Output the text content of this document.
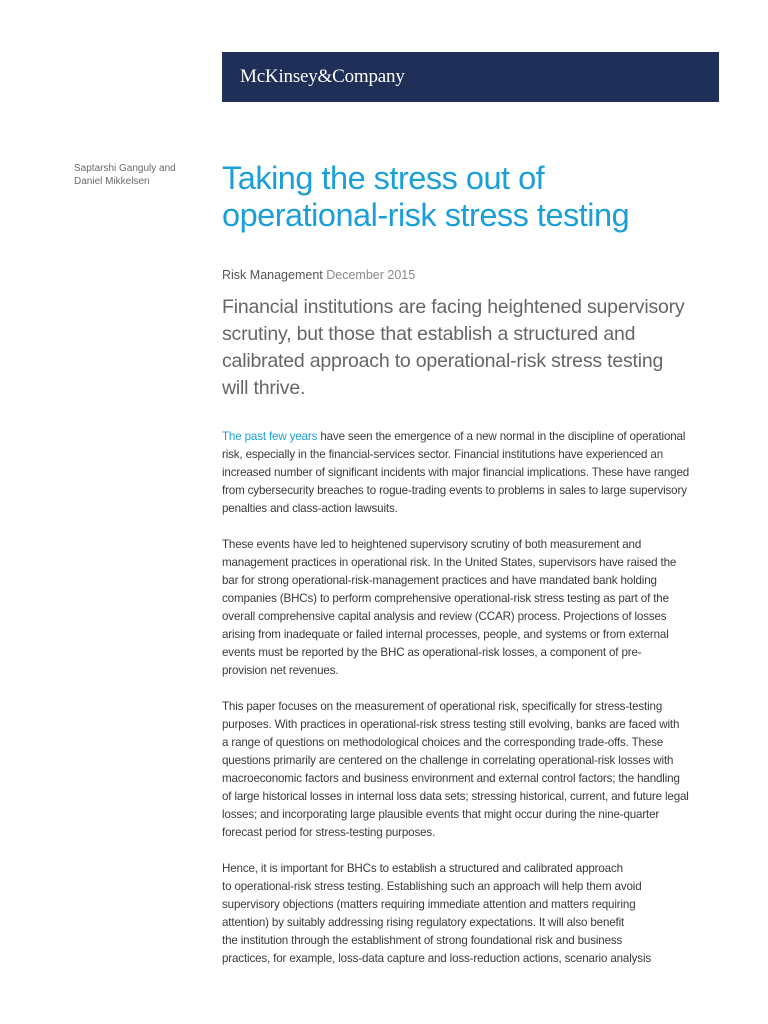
McKinsey&Company
Saptarshi Ganguly and
Daniel Mikkelsen	Taking the stress out of
operational-risk stress testing
Risk Management December 2015

Financial institutions are facing heightened supervisory
scrutiny, but those that establish a structured and
calibrated approach to operational-risk stress testing
will thrive.

The past few years have seen the emergence of a new normal in the discipline of operational
risk, especially in the financial-services sector. Financial institutions have experienced an
increased number of significant incidents with major financial implications. These have ranged
from cybersecurity breaches to rogue-trading events to problems in sales to large supervisory
penalties and class-action lawsuits.

These events have led to heightened supervisory scrutiny of both measurement and
management practices in operational risk. In the United States, supervisors have raised the
bar for strong operational-risk-management practices and have mandated bank holding
companies (BHCs) to perform comprehensive operational-risk stress testing as part of the
overall comprehensive capital analysis and review (CCAR) process. Projections of losses
arising from inadequate or failed internal processes, people, and systems or from external
events must be reported by the BHC as operational-risk losses, a component of pre-
provision net revenues.

This paper focuses on the measurement of operational risk, specifically for stress-testing
purposes. With practices in operational-risk stress testing still evolving, banks are faced with
a range of questions on methodological choices and the corresponding trade-offs. These
questions primarily are centered on the challenge in correlating operational-risk losses with
macroeconomic factors and business environment and external control factors; the handling
of large historical losses in internal loss data sets; stressing historical, current, and future legal
losses; and incorporating large plausible events that might occur during the nine-quarter
forecast period for stress-testing purposes.

Hence, it is important for BHCs to establish a structured and calibrated approach
to operational-risk stress testing. Establishing such an approach will help them avoid
supervisory objections (matters requiring immediate attention and matters requiring
attention) by suitably addressing rising regulatory expectations. It will also benefit
the institution through the establishment of strong foundational risk and business
practices, for example, loss-data capture and loss-reduction actions, scenario analysis
